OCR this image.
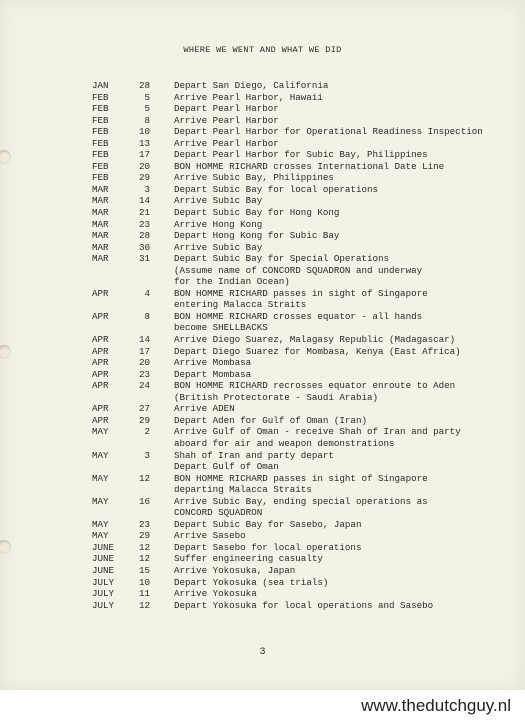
WHERE WE WENT AND WHAT WE DID
JAN	28	Depart San Diego, California
FEB	5	Arrive Pearl Harbor, Hawaii
FEB	5	Depart Pearl Harbor
FEB	8	Arrive Pearl Harbor
FEB	10	Depart Pearl Harbor for Operational Readiness Inspection
FEB	13	Arrive Pearl Harbor
FEB	17	Depart Pearl Harbor for Subic Bay, Philippines
FEB	20	BON HOMME RICHARD crosses International Date Line
FEB	29	Arrive Subic Bay, Philippines
MAR	3	Depart Subic Bay for local operations
MAR	14	Arrive Subic Bay
MAR	21	Depart Subic Bay for Hong Kong
MAR	23	Arrive Hong Kong
MAR	28	Depart Hong Kong for Subic Bay
MAR	30	Arrive Subic Bay
MAR	31	Depart Subic Bay for Special Operations
(Assume name of CONCORD SQUADRON and underway
for the Indian Ocean)
APR	4	BON HOMME RICHARD passes in sight of Singapore
entering Malacca Straits
APR	8	BON HOMME RICHARD crosses equator - all hands
become SHELLBACKS
APR	14	Arrive Diego Suarez, Malagasy Republic (Madagascar)
APR	17	Depart Diego Suarez for Mombasa, Kenya (East Africa)
APR	20	Arrive Mombasa
APR	23	Depart Mombasa
APR	24	BON HOMME RICHARD recrosses equator enroute to Aden
(British Protectorate - Saudi Arabia)
APR	27	Arrive ADEN
APR	29	Depart Aden for Gulf of Oman (Iran)
MAY	2	Arrive Gulf of Oman - receive Shah of Iran and party
aboard for air and weapon demonstrations
MAY	3	Shah of Iran and party depart
Depart Gulf of Oman
MAY	12	BON HOMME RICHARD passes in sight of Singapore
departing Malacca Straits
MAY	16	Arrive Subic Bay, ending special operations as
CONCORD SQUADRON
MAY	23	Depart Subic Bay for Sasebo, Japan
MAY	29	Arrive Sasebo
JUNE	12	Depart Sasebo for local operations
JUNE	12	Suffer engineering casualty
JUNE	15	Arrive Yokosuka, Japan
JULY	10	Depart Yokosuka (sea trials)
JULY	11	Arrive Yokosuka
JULY	12	Depart Yokosuka for local operations and Sasebo
3
www.thedutchguy.nl
